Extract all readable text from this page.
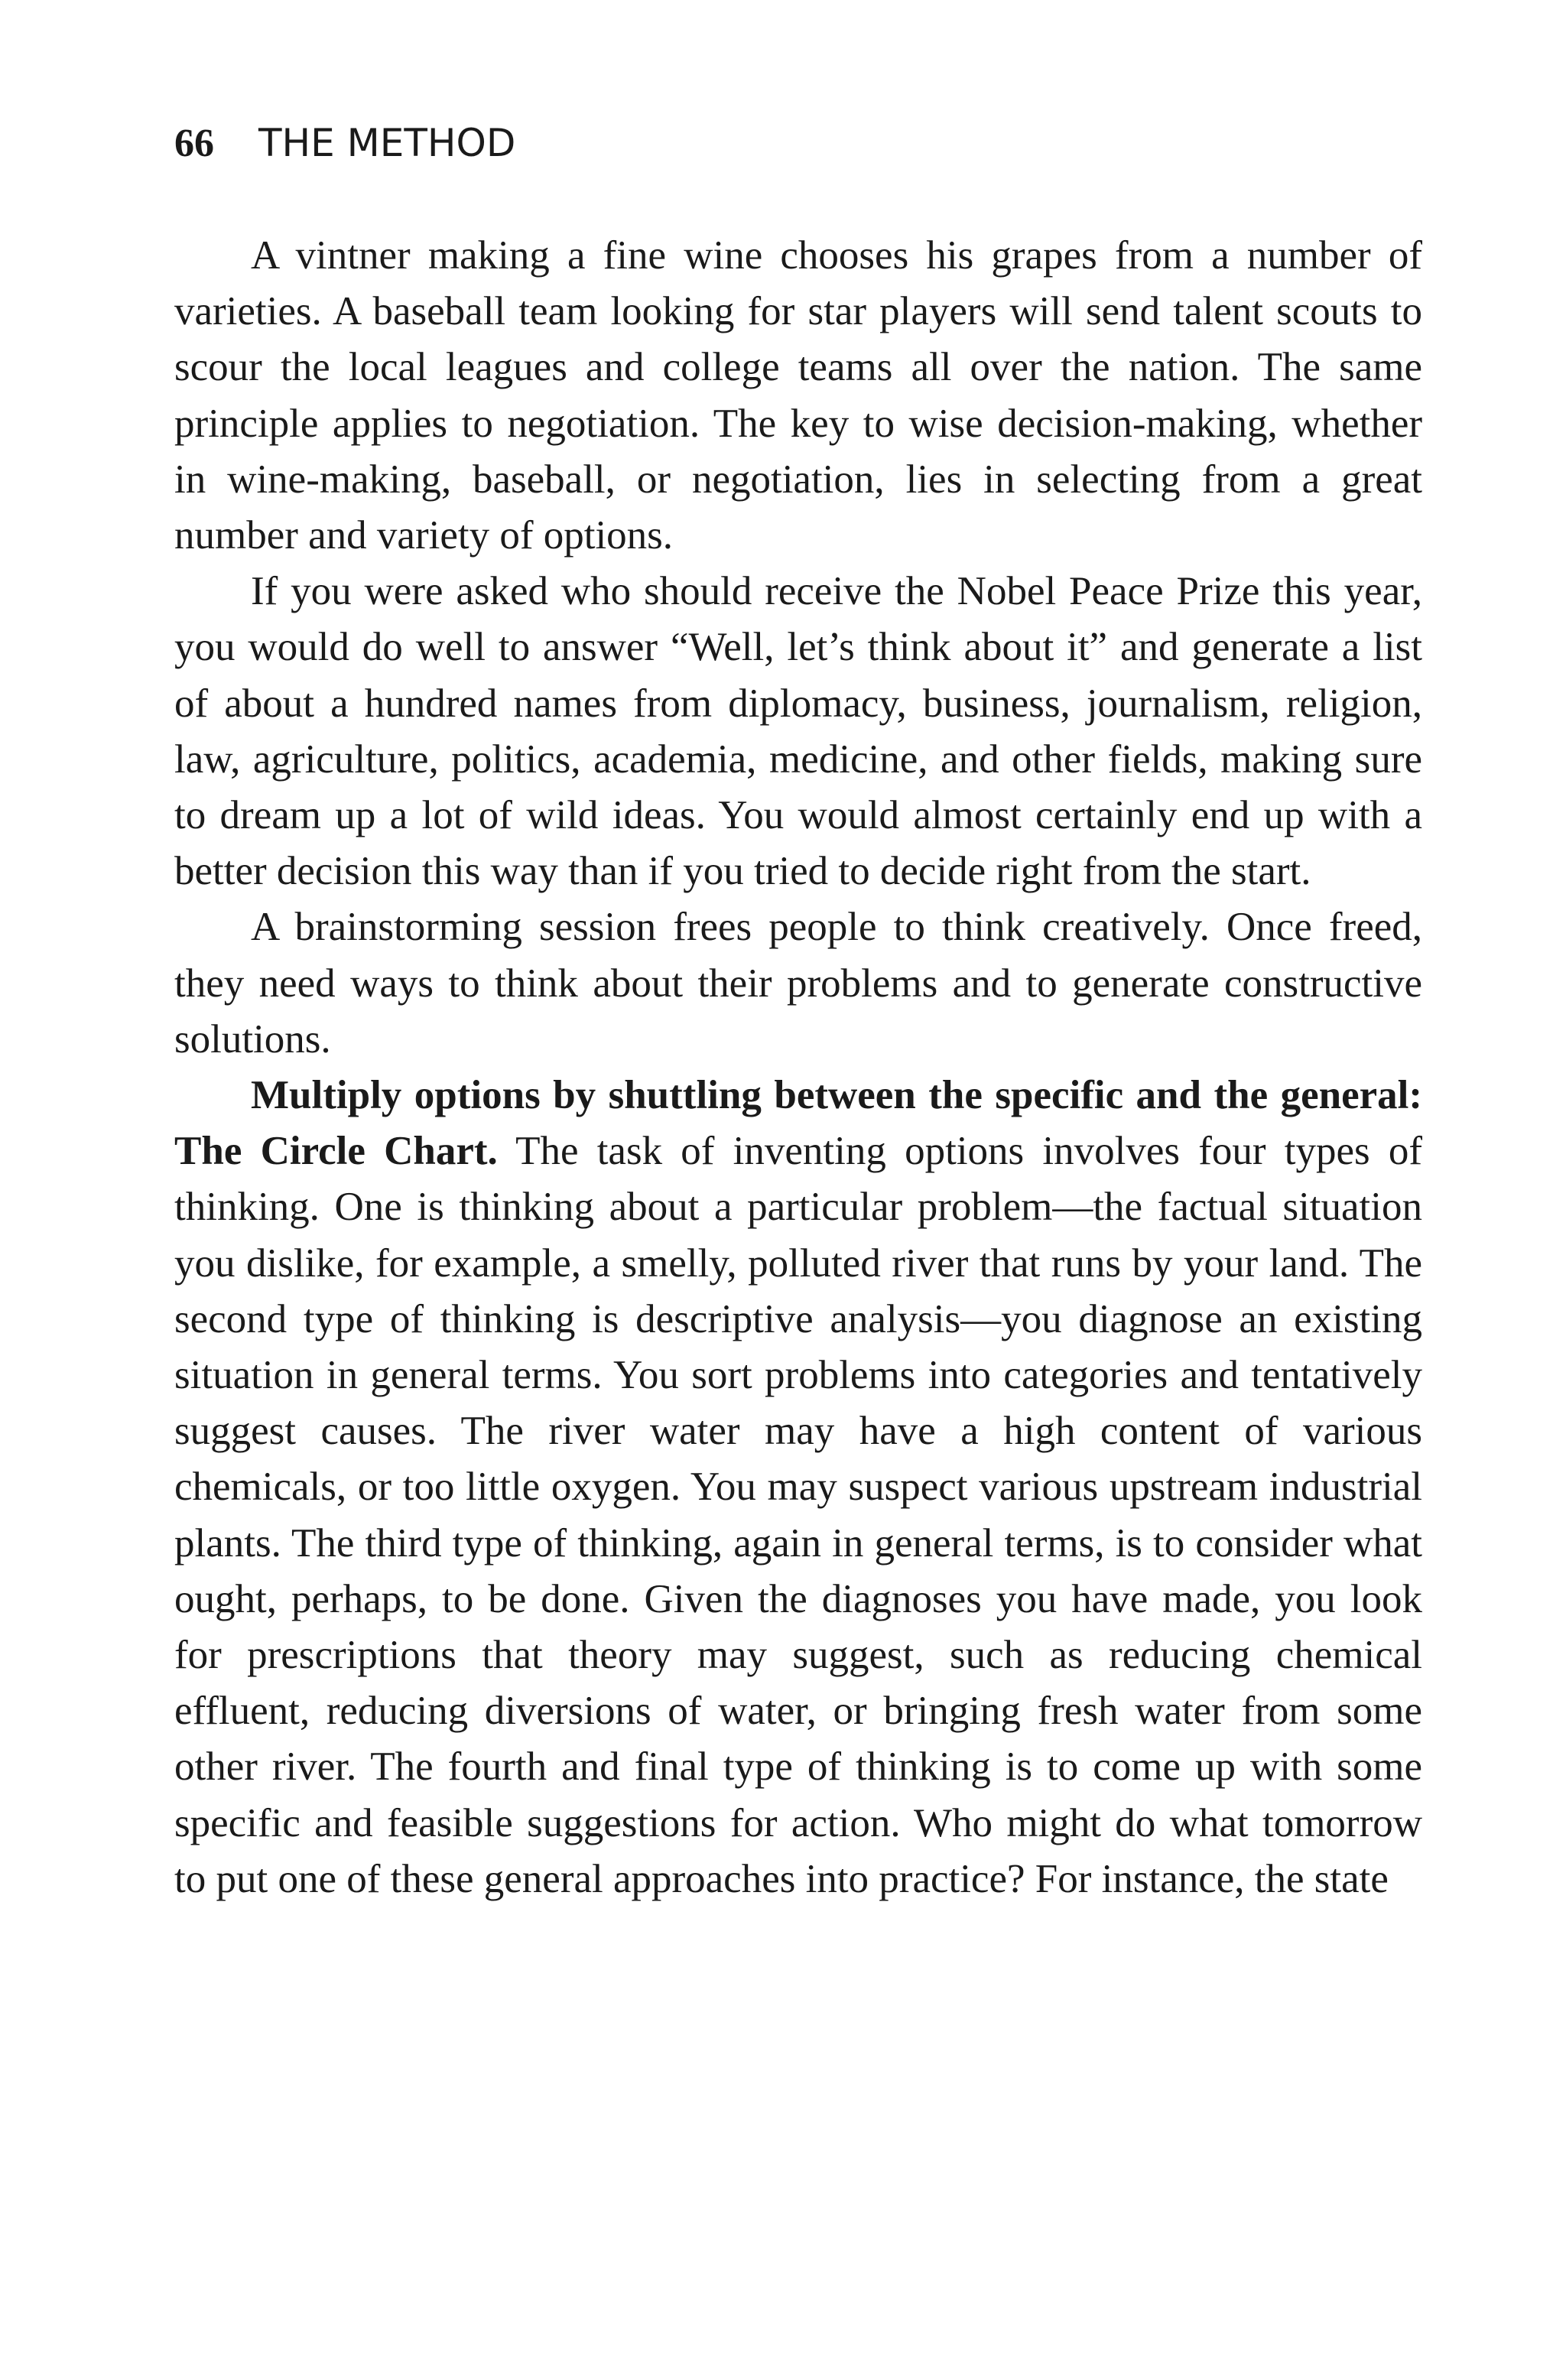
66 THE METHOD

A vintner making a fine wine chooses his grapes from a number of varieties. A baseball team looking for star players will send talent scouts to scour the local leagues and college teams all over the nation. The same principle applies to negotiation. The key to wise decision-making, whether in wine-making, baseball, or negotiation, lies in selecting from a great number and variety of options.

If you were asked who should receive the Nobel Peace Prize this year, you would do well to answer “Well, let’s think about it” and generate a list of about a hundred names from diplomacy, business, journalism, religion, law, agriculture, politics, academia, medicine, and other fields, making sure to dream up a lot of wild ideas. You would almost certainly end up with a better decision this way than if you tried to decide right from the start.

A brainstorming session frees people to think creatively. Once freed, they need ways to think about their problems and to generate constructive solutions.

Multiply options by shuttling between the specific and the general: The Circle Chart. The task of inventing options involves four types of thinking. One is thinking about a particular problem—the factual situation you dislike, for example, a smelly, polluted river that runs by your land. The second type of thinking is descriptive analysis—you diagnose an existing situation in general terms. You sort problems into categories and tentatively suggest causes. The river water may have a high content of various chemicals, or too little oxygen. You may suspect various upstream industrial plants. The third type of thinking, again in general terms, is to consider what ought, perhaps, to be done. Given the diagnoses you have made, you look for prescriptions that theory may suggest, such as reducing chemical effluent, reducing diversions of water, or bringing fresh water from some other river. The fourth and final type of thinking is to come up with some specific and feasible suggestions for action. Who might do what tomorrow to put one of these general approaches into practice? For instance, the state
